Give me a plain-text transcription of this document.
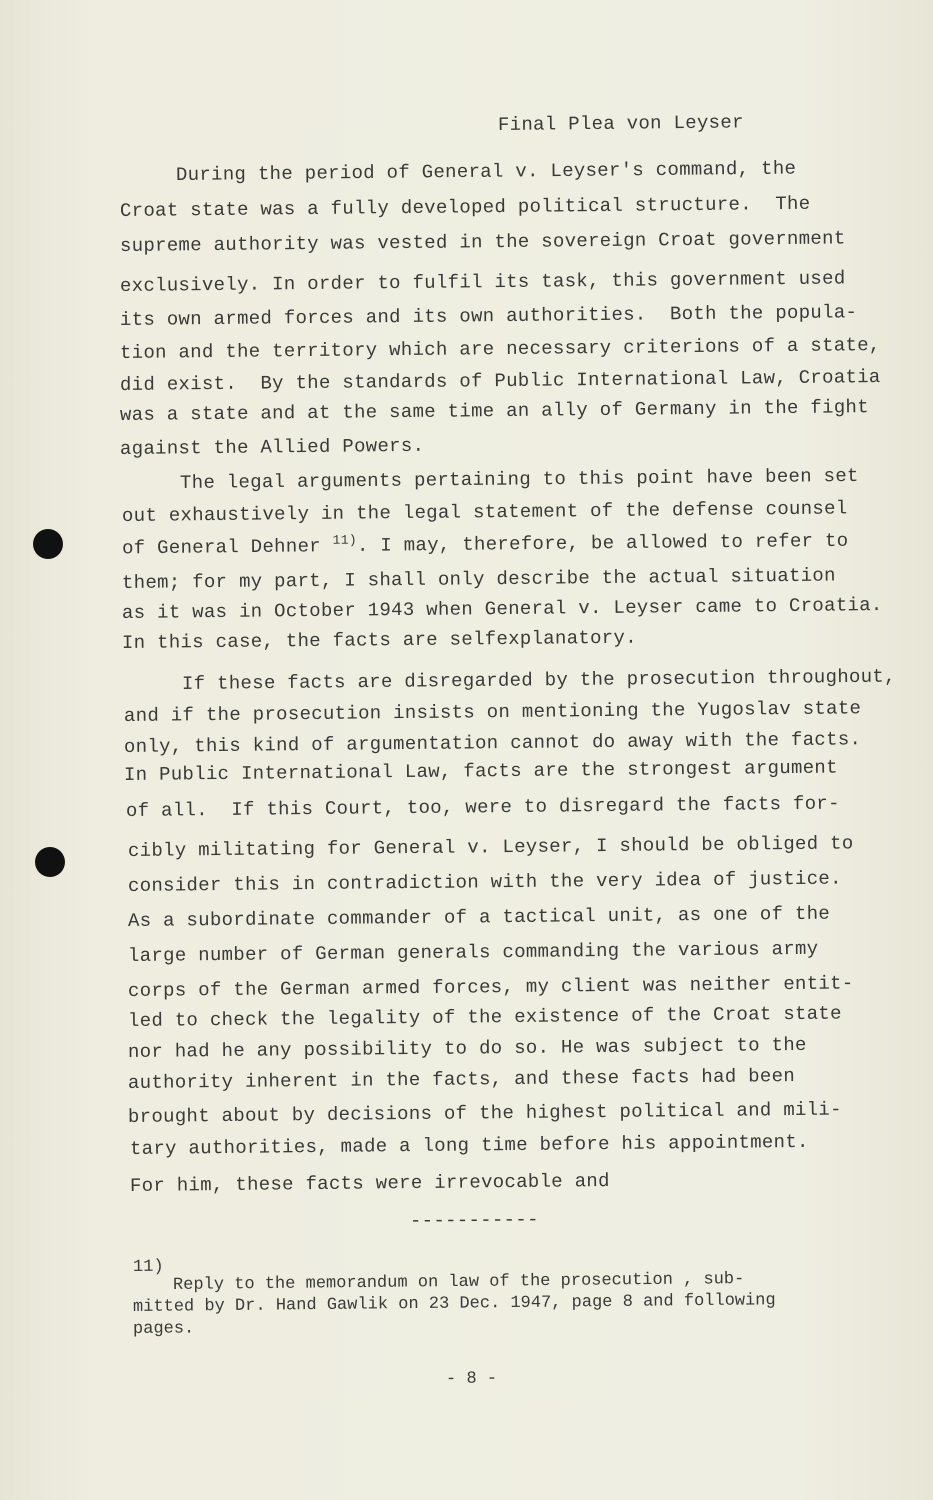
Final Plea von Leyser
During the period of General v. Leyser's command, the
Croat state was a fully developed political structure.  The
supreme authority was vested in the sovereign Croat government
exclusively. In order to fulfil its task, this government used
its own armed forces and its own authorities.  Both the popula-
tion and the territory which are necessary criterions of a state,
did exist.  By the standards of Public International Law, Croatia
was a state and at the same time an ally of Germany in the fight
against the Allied Powers.
The legal arguments pertaining to this point have been set
out exhaustively in the legal statement of the defense counsel
of General Dehner $^{11)}$. I may, therefore, be allowed to refer to
them; for my part, I shall only describe the actual situation
as it was in October 1943 when General v. Leyser came to Croatia.
In this case, the facts are selfexplanatory.
If these facts are disregarded by the prosecution throughout,
and if the prosecution insists on mentioning the Yugoslav state
only, this kind of argumentation cannot do away with the facts.
In Public International Law, facts are the strongest argument
of all.  If this Court, too, were to disregard the facts for-
cibly militating for General v. Leyser, I should be obliged to
consider this in contradiction with the very idea of justice.
As a subordinate commander of a tactical unit, as one of the
large number of German generals commanding the various army
corps of the German armed forces, my client was neither entit-
led to check the legality of the existence of the Croat state
nor had he any possibility to do so. He was subject to the
authority inherent in the facts, and these facts had been
brought about by decisions of the highest political and mili-
tary authorities, made a long time before his appointment.
For him, these facts were irrevocable and
-----------
11)
Reply to the memorandum on law of the prosecution , sub-
mitted by Dr. Hand Gawlik on 23 Dec. 1947, page 8 and following
pages.
- 8 -
